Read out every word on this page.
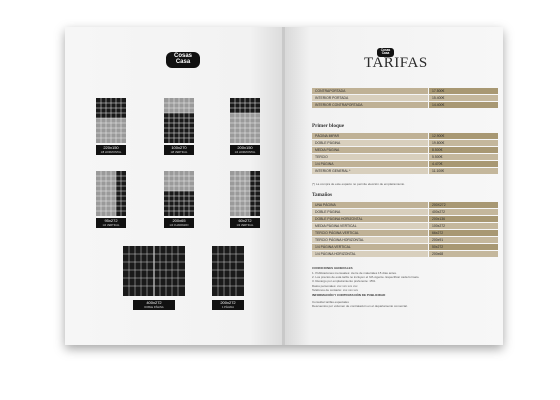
Cosas
Casa
220x150
1/8 HORIZONTAL
100x270
1/8 VERTICAL
200x150
1/4 HORIZONTAL
95x272
1/4 VERTICAL
200x65
1/4 CUADRADO
60x272
1/3 VERTICAL
400x272
DOBLE PÁGINA
200x272
1 PÁGINA
Cosas
Casa
TARIFAS
CONTRAPORTADA	17.500€
INTERIOR PORTADA	15.400€
INTERIOR CONTRAPORTADA	14.400€
Primer bloque
PÁGINA IMPAR	12.900€
DOBLE PÁGINA	19.800€
MEDIA PÁGINA	8.500€
TERCIO	5.500€
1/4 PÁGINA	4.470€
INTERIOR GENERAL *	11.100€
(*) La compra de este espacio no permite elección de emplazamiento.
Tamaños
UNA PÁGINA	200X272
DOBLE PÁGINA	400x272
DOBLE PÁGINA HORIZONTAL	200x136
MEDIA PÁGINA VERTICAL	100x272
TERCIO PÁGINA VERTICAL	66x272
TERCIO PÁGINA HORIZONTAL	200x91
1/4 PÁGINA VERTICAL	50x272
1/4 PÁGINA HORIZONTAL	200x68
CONDICIONES GENERALES
1. Publicaciones mensuales: cierre de materiales 15 días antes.
2. Los precios de esta tarifa no incluyen el IVA vigente. Especificar cada formato.
3. Recargo por emplazamiento preferente: 15%.
Datos personales: xxx xxx xxx xxx
Teléfonos de contacto: xxx xxx xxx
INFORMACIÓN Y CONTRATACIÓN DE PUBLICIDAD
Consultar tarifas especiales
Descuentos por volumen de contratación en el departamento comercial.
